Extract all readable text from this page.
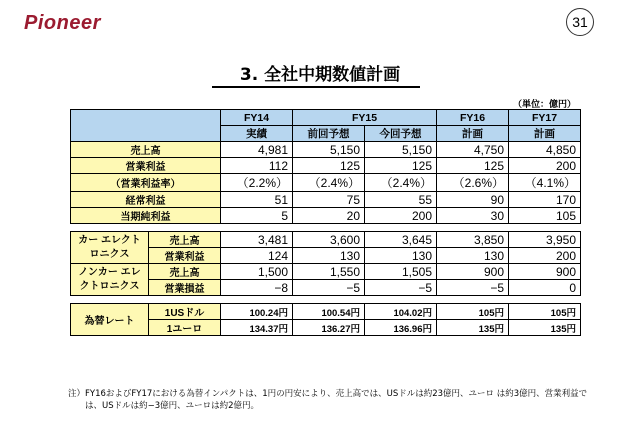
Pioneer	31
3. 全社中期数値計画
（単位：億円）
		FY14	FY15		FY16	FY17
		実績	前回予想	今回予想	計画	計画
売上高		4,981	5,150	5,150	4,750	4,850
営業利益		112	125	125	125	200
（営業利益率）		（2.2%）	（2.4%）	（2.4%）	（2.6%）	（4.1%）
経常利益		51	75	55	90	170
当期純利益		5	20	200	30	105

カー エレクトロニクス	売上高	3,481	3,600	3,645	3,850	3,950
	営業利益	124	130	130	130	200
ノンカー エレクトロニクス	売上高	1,500	1,550	1,505	900	900
	営業損益	−8	−5	−5	−5	0

為替レート	1USドル	100.24円	100.54円	104.02円	105円	105円
	1ユーロ	134.37円	136.27円	136.96円	135円	135円
注）FY16およびFY17における為替インパクトは、1円の円安により、売上高では、USドルは約23億円、ユーロ は約3億円、営業利益で
は、USドルは約−3億円、ユーロは約2億円。
